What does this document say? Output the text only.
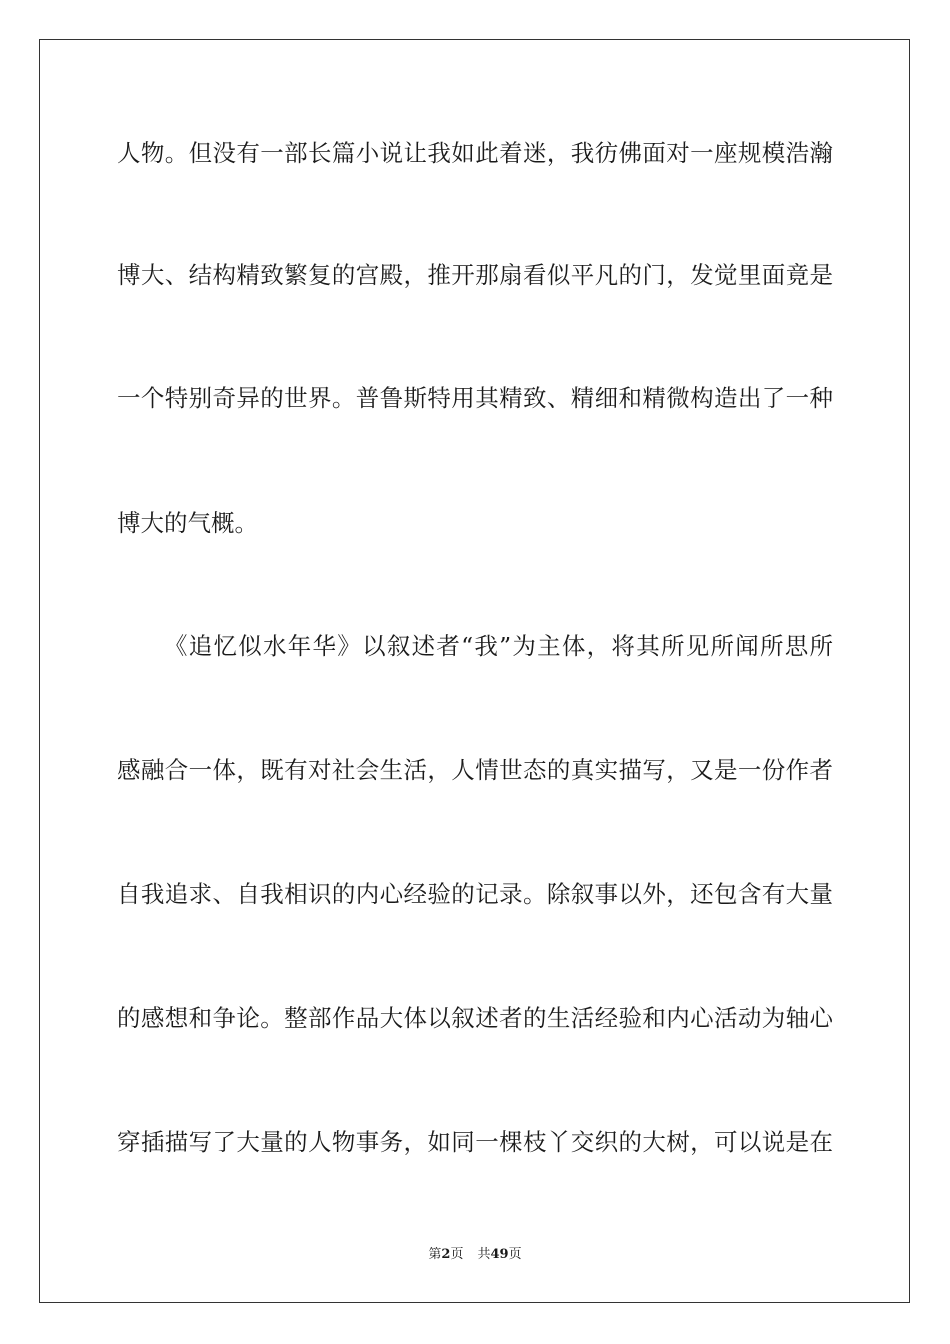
人物。但没有一部长篇小说让我如此着迷，我彷佛面对一座规模浩瀚
博大、结构精致繁复的宫殿，推开那扇看似平凡的门，发觉里面竟是
一个特别奇异的世界。普鲁斯特用其精致、精细和精微构造出了一种
博大的气概。
《追忆似水年华》以叙述者“我”为主体，将其所见所闻所思所
感融合一体，既有对社会生活，人情世态的真实描写，又是一份作者
自我追求、自我相识的内心经验的记录。除叙事以外，还包含有大量
的感想和争论。整部作品大体以叙述者的生活经验和内心活动为轴心
穿插描写了大量的人物事务，如同一棵枝丫交织的大树，可以说是在
第2页 共49页
